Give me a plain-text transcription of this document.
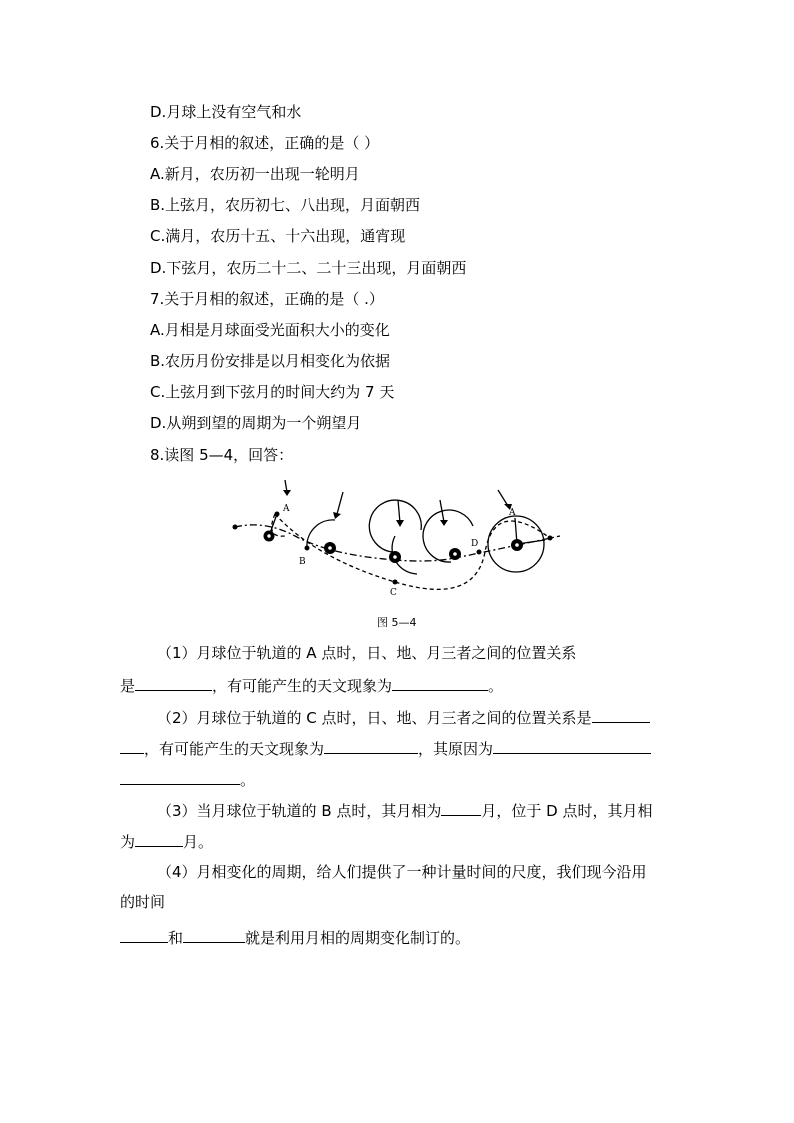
D.月球上没有空气和水
6.关于月相的叙述，正确的是（ ）
A.新月，农历初一出现一轮明月
B.上弦月，农历初七、八出现，月面朝西
C.满月，农历十五、十六出现，通宵现
D.下弦月，农历二十二、二十三出现，月面朝西
7.关于月相的叙述，正确的是（ .）
A.月相是月球面受光面积大小的变化
B.农历月份安排是以月相变化为依据
C.上弦月到下弦月的时间大约为 7 天
D.从朔到望的周期为一个朔望月
8.读图 5—4，回答：
A
B
C
D
A
图 5—4
（1）月球位于轨道的 A 点时，日、地、月三者之间的位置关系
是	，有可能产生的天文现象为	。
（2）月球位于轨道的 C 点时，日、地、月三者之间的位置关系是
，有可能产生的天文现象为	，其原因为
。
（3）当月球位于轨道的 B 点时，其月相为	月，位于 D 点时，其月相
为	月。
（4）月相变化的周期，给人们提供了一种计量时间的尺度，我们现今沿用
的时间
和	就是利用月相的周期变化制订的。
